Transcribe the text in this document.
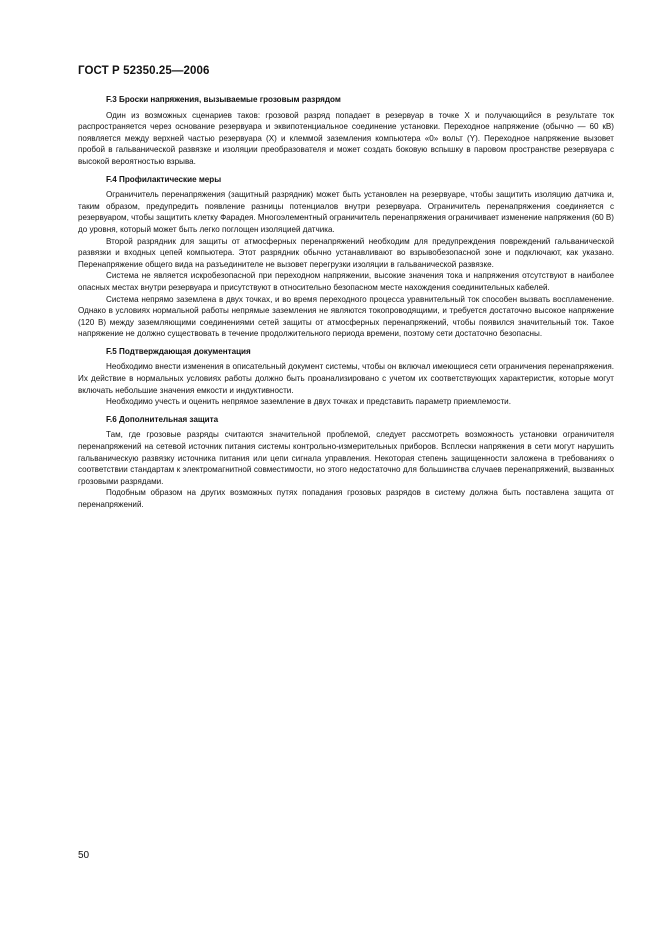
ГОСТ Р 52350.25—2006
F.3 Броски напряжения, вызываемые грозовым разрядом

Один из возможных сценариев таков: грозовой разряд попадает в резервуар в точке X и получающийся в результате ток распространяется через основание резервуара и эквипотенциальное соединение установки. Переходное напряжение (обычно — 60 кВ) появляется между верхней частью резервуара (X) и клеммой заземления компьютера «0» вольт (Y). Переходное напряжение вызовет пробой в гальванической развязке и изоляции преобразователя и может создать боковую вспышку в паровом пространстве резервуара с высокой вероятностью взрыва.

F.4 Профилактические меры

Ограничитель перенапряжения (защитный разрядник) может быть установлен на резервуаре, чтобы защитить изоляцию датчика и, таким образом, предупредить появление разницы потенциалов внутри резервуара. Ограничитель перенапряжения соединяется с резервуаром, чтобы защитить клетку Фарадея. Многоэлементный ограничитель перенапряжения ограничивает изменение напряжения (60 В) до уровня, который может быть легко поглощен изоляцией датчика.

Второй разрядник для защиты от атмосферных перенапряжений необходим для предупреждения повреждений гальванической развязки и входных цепей компьютера. Этот разрядник обычно устанавливают во взрывобезопасной зоне и подключают, как указано. Перенапряжение общего вида на разъединителе не вызовет перегрузки изоляции в гальванической развязке.

Система не является искробезопасной при переходном напряжении, высокие значения тока и напряжения отсутствуют в наиболее опасных местах внутри резервуара и присутствуют в относительно безопасном месте нахождения соединительных кабелей.

Система непрямо заземлена в двух точках, и во время переходного процесса уравнительный ток способен вызвать воспламенение. Однако в условиях нормальной работы непрямые заземления не являются токопроводящими, и требуется достаточно высокое напряжение (120 В) между заземляющими соединениями сетей защиты от атмосферных перенапряжений, чтобы появился значительный ток. Такое напряжение не должно существовать в течение продолжительного периода времени, поэтому сети достаточно безопасны.

F.5 Подтверждающая документация

Необходимо внести изменения в описательный документ системы, чтобы он включал имеющиеся сети ограничения перенапряжения. Их действие в нормальных условиях работы должно быть проанализировано с учетом их соответствующих характеристик, которые могут включать небольшие значения емкости и индуктивности.

Необходимо учесть и оценить непрямое заземление в двух точках и представить параметр приемлемости.

F.6 Дополнительная защита

Там, где грозовые разряды считаются значительной проблемой, следует рассмотреть возможность установки ограничителя перенапряжений на сетевой источник питания системы контрольно-измерительных приборов. Всплески напряжения в сети могут нарушить гальваническую развязку источника питания или цепи сигнала управления. Некоторая степень защищенности заложена в требованиях о соответствии стандартам к электромагнитной совместимости, но этого недостаточно для большинства случаев перенапряжений, вызванных грозовыми разрядами.

Подобным образом на других возможных путях попадания грозовых разрядов в систему должна быть поставлена защита от перенапряжений.

50
